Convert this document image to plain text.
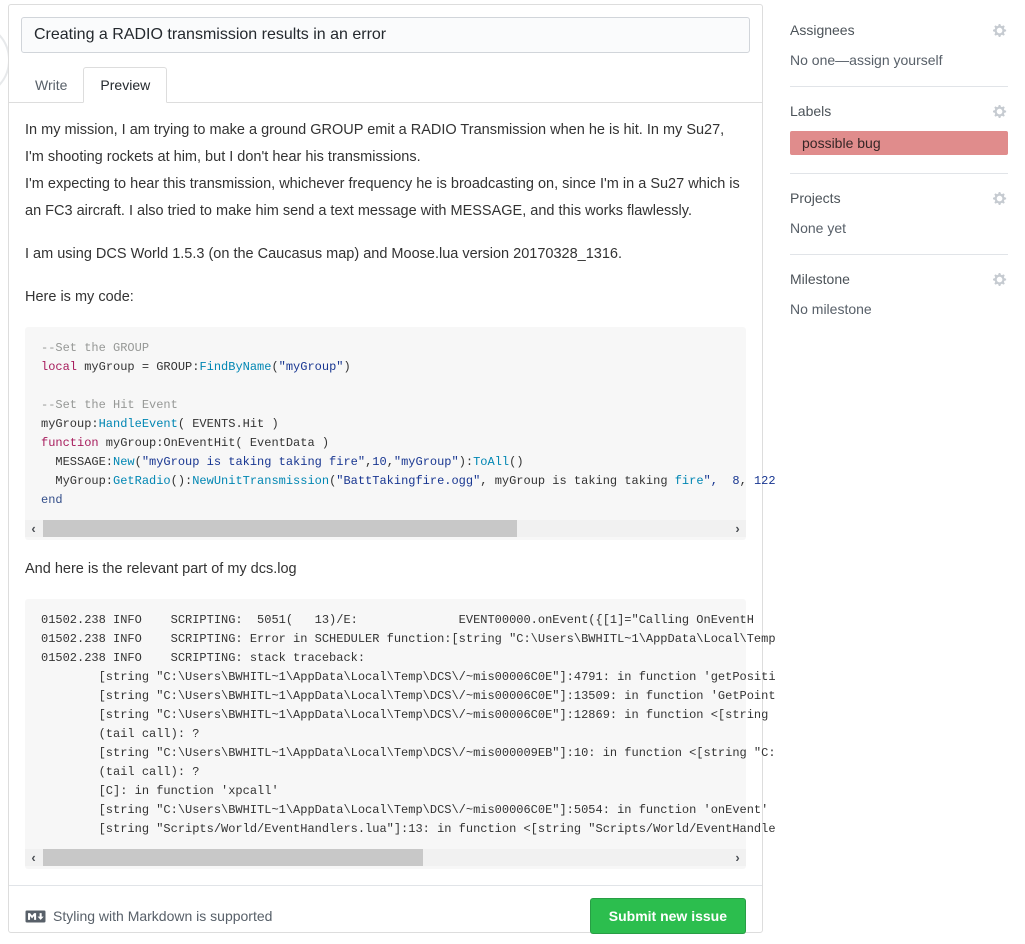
Creating a RADIO transmission results in an error
Write Preview

In my mission, I am trying to make a ground GROUP emit a RADIO Transmission when he is hit. In my Su27, I'm shooting rockets at him, but I don't hear his transmissions.
I'm expecting to hear this transmission, whichever frequency he is broadcasting on, since I'm in a Su27 which is an FC3 aircraft. I also tried to make him send a text message with MESSAGE, and this works flawlessly.

I am using DCS World 1.5.3 (on the Caucasus map) and Moose.lua version 20170328_1316.

Here is my code:

--Set the GROUP
local myGroup = GROUP:FindByName("myGroup")

--Set the Hit Event
myGroup:HandleEvent( EVENTS.Hit )
function myGroup:OnEventHit( EventData )
MESSAGE:New("myGroup is taking taking fire",10,"myGroup"):ToAll()
MyGroup:GetRadio():NewUnitTransmission("BattTakingfire.ogg", myGroup is taking taking fire", 8, 122
end
‹	›

And here is the relevant part of my dcs.log

01502.238 INFO    SCRIPTING:  5051(   13)/E:              EVENT00000.onEvent({[1]="Calling OnEventH
01502.238 INFO    SCRIPTING: Error in SCHEDULER function:[string "C:\Users\BWHITL~1\AppData\Local\Temp
01502.238 INFO    SCRIPTING: stack traceback:
[string "C:\Users\BWHITL~1\AppData\Local\Temp\DCS\/~mis00006C0E"]:4791: in function 'getPositi
[string "C:\Users\BWHITL~1\AppData\Local\Temp\DCS\/~mis00006C0E"]:13509: in function 'GetPoint
[string "C:\Users\BWHITL~1\AppData\Local\Temp\DCS\/~mis00006C0E"]:12869: in function <[string
(tail call): ?
[string "C:\Users\BWHITL~1\AppData\Local\Temp\DCS\/~mis000009EB"]:10: in function <[string "C:
(tail call): ?
[C]: in function 'xpcall'
[string "C:\Users\BWHITL~1\AppData\Local\Temp\DCS\/~mis00006C0E"]:5054: in function 'onEvent'
[string "Scripts/World/EventHandlers.lua"]:13: in function <[string "Scripts/World/EventHandle
‹	›
Styling with Markdown is supported	Submit new issue
Assignees
No one—assign yourself
Labels
possible bug
Projects
None yet
Milestone
No milestone
